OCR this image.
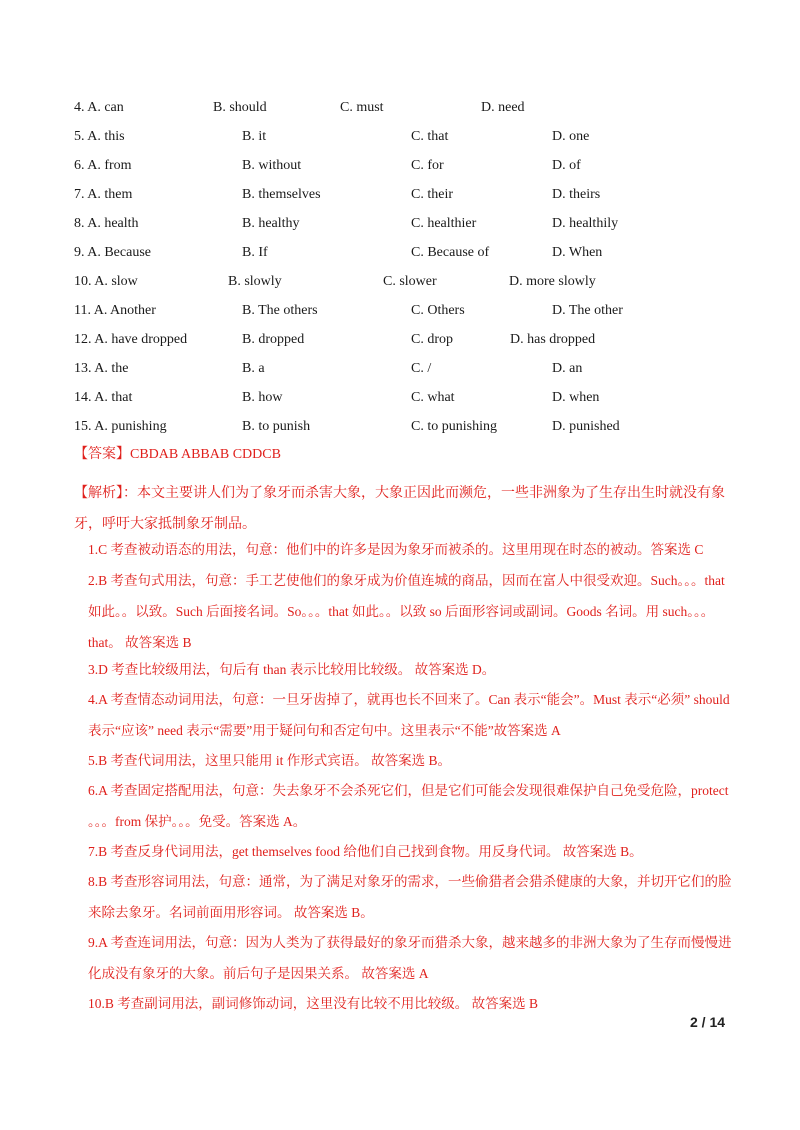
4. A. can	B. should	C. must	D. need
5. A. this	B. it	C. that	D. one
6. A. from	B. without	C. for	D. of
7. A. them	B. themselves	C. their	D. theirs
8. A. health	B. healthy	C. healthier	D. healthily
9. A. Because	B. If	C. Because of	D. When
10. A. slow	B. slowly	C. slower	D. more slowly
11. A. Another	B. The others	C. Others	D. The other
12. A. have dropped	B. dropped	C. drop	D. has dropped
13. A. the	B. a	C. /	D. an
14. A. that	B. how	C. what	D. when
15. A. punishing	B. to punish	C. to punishing	D. punished
【答案】CBDAB ABBAB CDDCB
【解析】：本文主要讲人们为了象牙而杀害大象，大象正因此而濒危，一些非洲象为了生存出生时就没有象牙，呼吁大家抵制象牙制品。
1.C 考查被动语态的用法，句意：他们中的许多是因为象牙而被杀的。这里用现在时态的被动。答案选 C
2.B 考查句式用法，句意：手工艺使他们的象牙成为价值连城的商品，因而在富人中很受欢迎。Such。。。that 如此。。以致。Such 后面接名词。So。。。that 如此。。以致 so 后面形容词或副词。Goods 名词。用 such。。。that。 故答案选 B
3.D 考查比较级用法，句后有 than 表示比较用比较级。 故答案选 D。
4.A 考查情态动词用法，句意：一旦牙齿掉了，就再也长不回来了。Can 表示“能会”。Must 表示“必须” should 表示“应该” need 表示“需要”用于疑问句和否定句中。这里表示“不能”故答案选 A
5.B 考查代词用法，这里只能用 it 作形式宾语。 故答案选 B。
6.A 考查固定搭配用法，句意：失去象牙不会杀死它们，但是它们可能会发现很难保护自己免受危险，protect 。。。from 保护。。。免受。答案选 A。
7.B 考查反身代词用法，get themselves food 给他们自己找到食物。用反身代词。 故答案选 B。
8.B 考查形容词用法，句意：通常，为了满足对象牙的需求，一些偷猎者会猎杀健康的大象，并切开它们的脸来除去象牙。名词前面用形容词。 故答案选 B。
9.A 考查连词用法，句意：因为人类为了获得最好的象牙而猎杀大象，越来越多的非洲大象为了生存而慢慢进化成没有象牙的大象。前后句子是因果关系。 故答案选 A
10.B 考查副词用法，副词修饰动词，这里没有比较不用比较级。 故答案选 B
2 / 14
